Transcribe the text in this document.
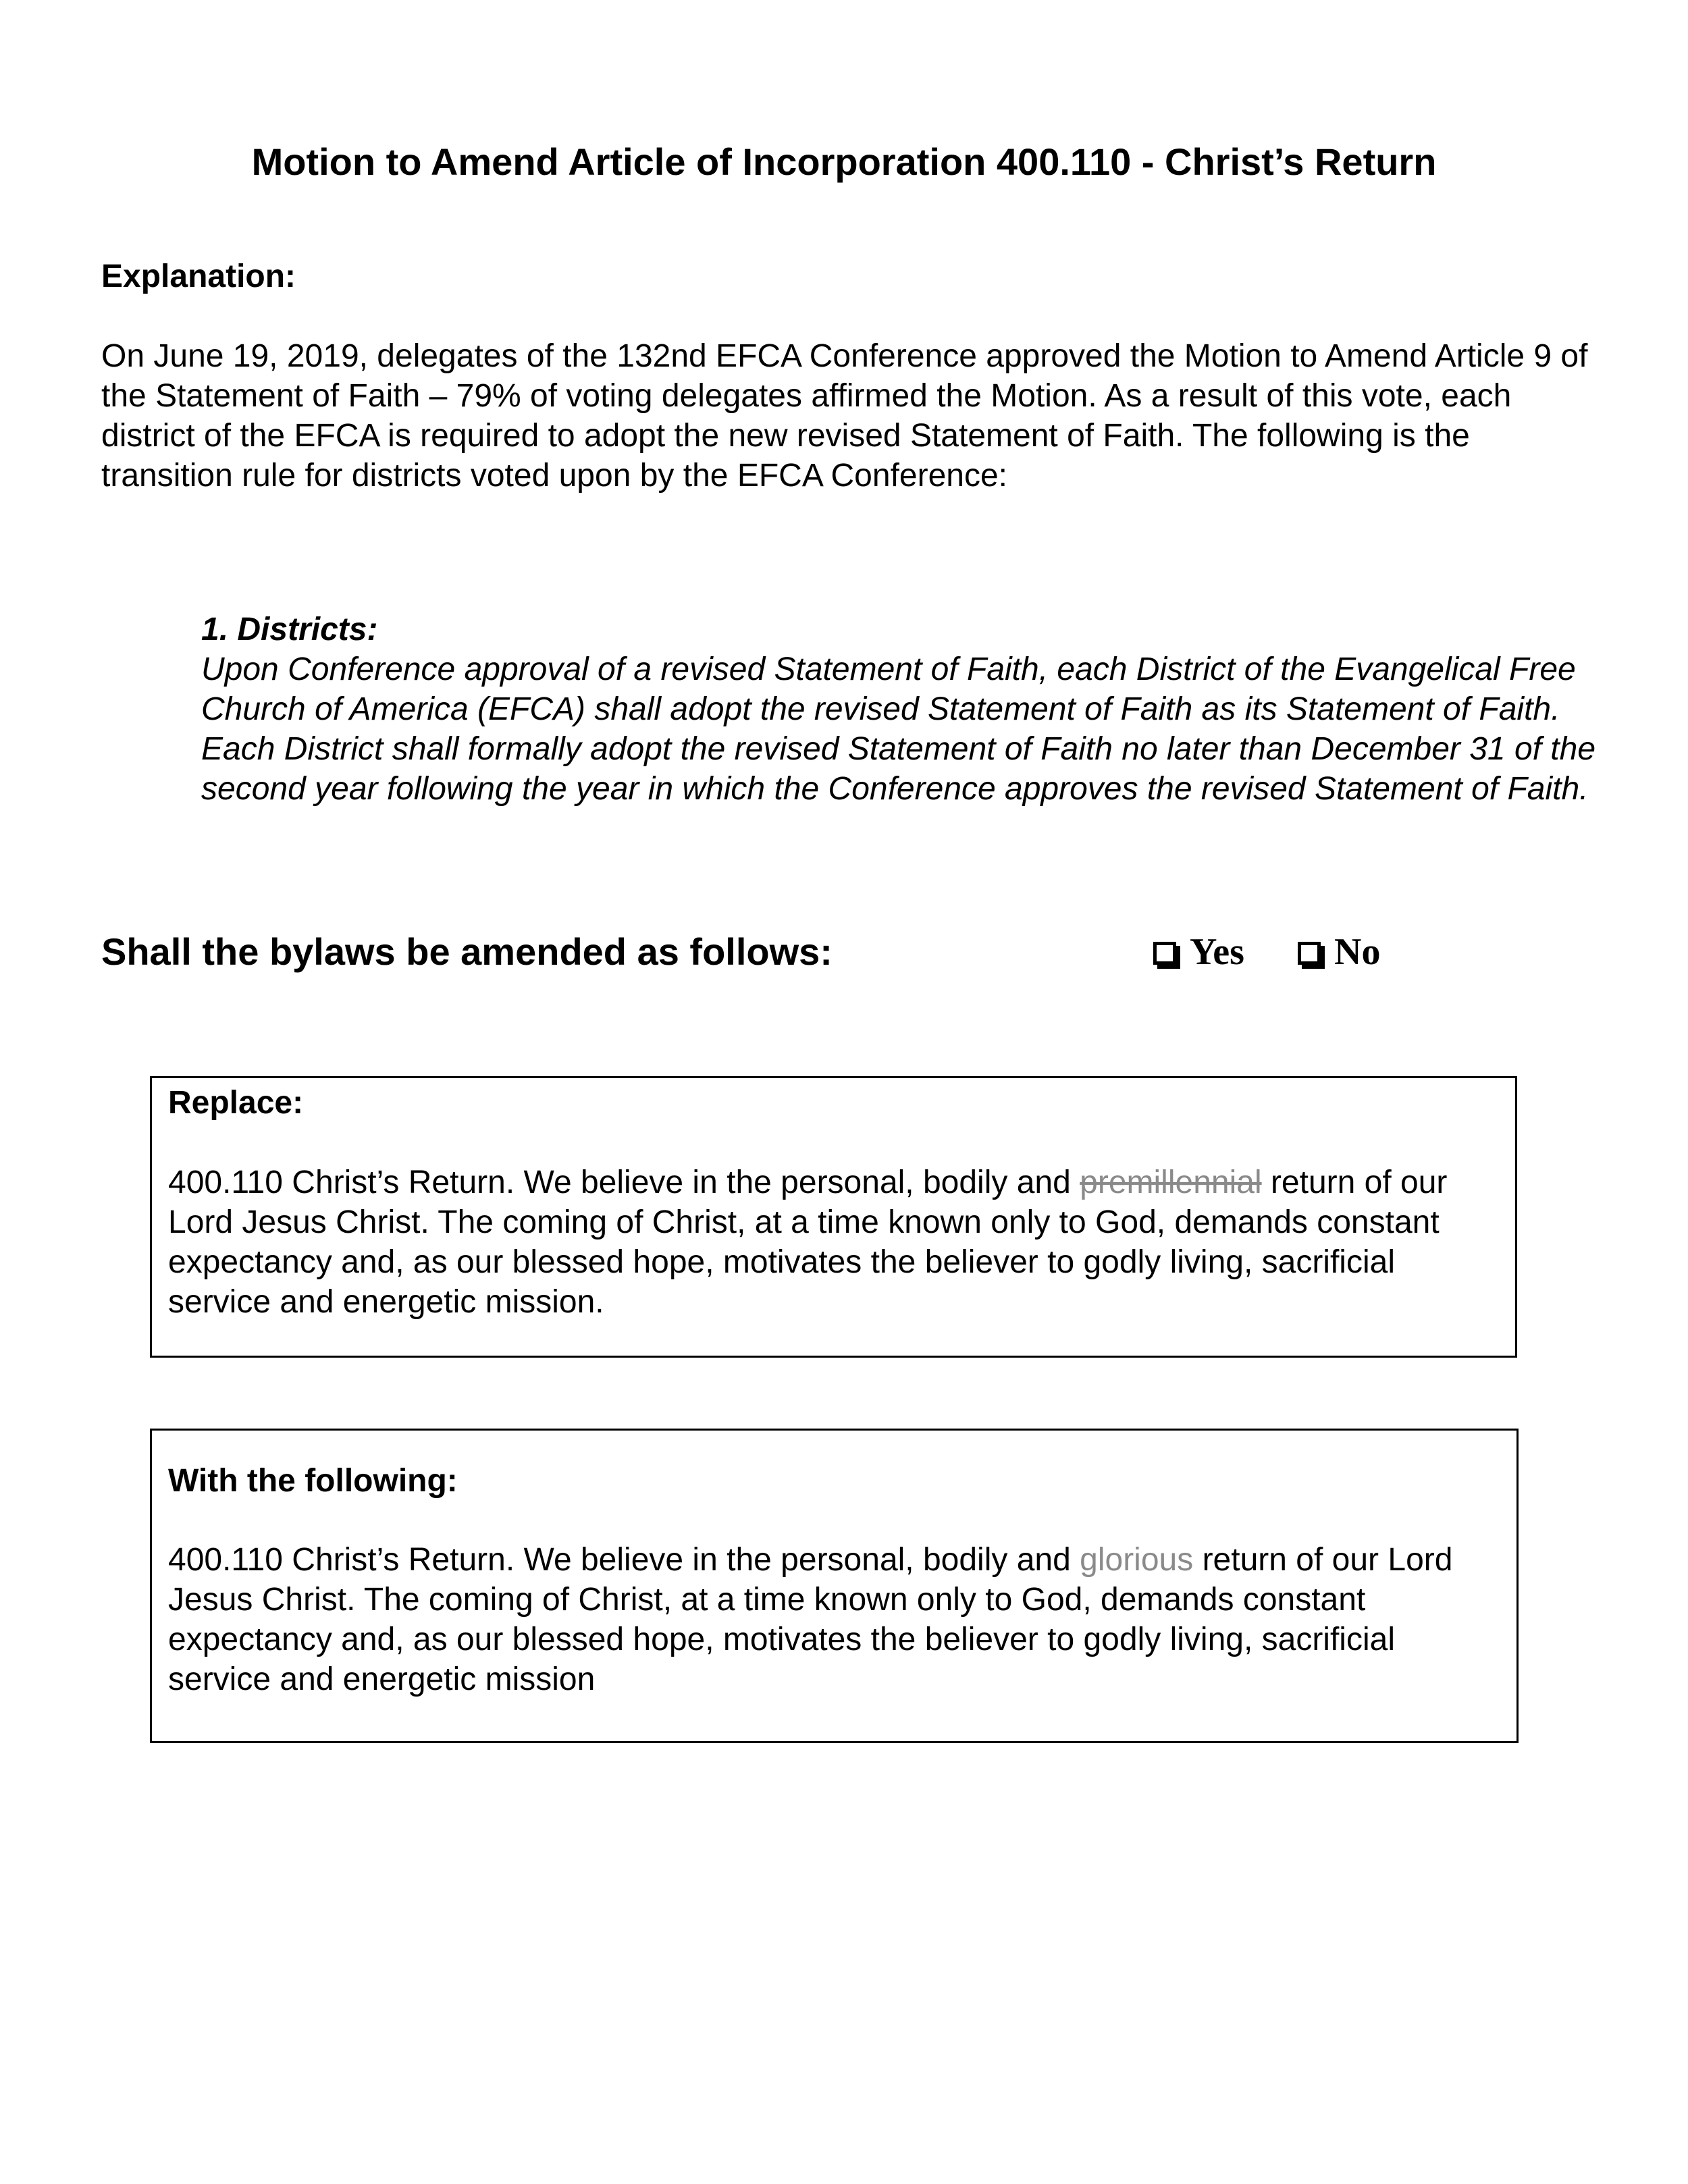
Motion to Amend Article of Incorporation 400.110 - Christ’s Return
Explanation:
On June 19, 2019, delegates of the 132nd EFCA Conference approved the Motion to Amend Article 9 of the Statement of Faith – 79% of voting delegates affirmed the Motion. As a result of this vote, each district of the EFCA is required to adopt the new revised Statement of Faith. The following is the transition rule for districts voted upon by the EFCA Conference:
1. Districts:
Upon Conference approval of a revised Statement of Faith, each District of the Evangelical Free Church of America (EFCA) shall adopt the revised Statement of Faith as its Statement of Faith. Each District shall formally adopt the revised Statement of Faith no later than December 31 of the second year following the year in which the Conference approves the revised Statement of Faith.
Shall the bylaws be amended as follows:	Yes No
Replace:
400.110 Christ’s Return. We believe in the personal, bodily and premillennial return of our Lord Jesus Christ. The coming of Christ, at a time known only to God, demands constant expectancy and, as our blessed hope, motivates the believer to godly living, sacrificial service and energetic mission.
With the following:
400.110 Christ’s Return. We believe in the personal, bodily and glorious return of our Lord Jesus Christ. The coming of Christ, at a time known only to God, demands constant expectancy and, as our blessed hope, motivates the believer to godly living, sacrificial service and energetic mission
